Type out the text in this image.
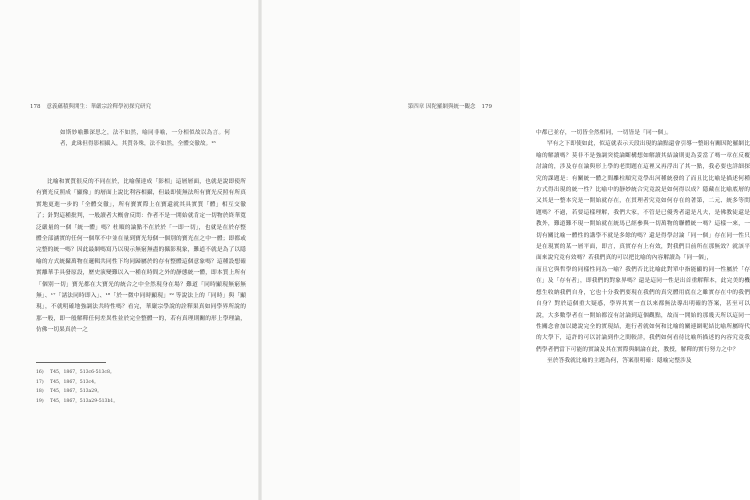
178 意義蘊積與開生：華嚴宗詮釋學初探究研究

如斯妙喻難深思之，法不如然，喻同非喻，一分相似故以為言。何者，此珠但得影相攝入，其質各殊，法不如然，全體交徹故。¹⁶

比喻和實質很反的不同在於，比喻僅達成「影相」這層層面，也就是說即使所有寶光反照成「顯像」的層面上說比利容相攝，但最即使無法所有寶光反照有所真實地更進一步的「全體交徹」，所有寶實際上在寶還就其具實質「體」相互交徹了；針對這種批判，一般讀者大概會反問：作者不是一開始就肯定一切物於終華寬泛嚴量的一個「統一體」嗎？杜順的論點不在於於「一即一切」，也就是在於存整體全部涵實的任何一個單不中並在量到寶光每個一個別的寶光在之中一體；即都或完整的統一嗎？因此最網嗎寫乃以現示無窮無盡的攝影現象，難道不就是為了以隱喻的方式統攝萬物在邏輯共同性下均同歸屬於的存有整體這個意象嗎？這種設想確實離華手具發原設，歷史演變難以入一種在時間之外的靜態統一體，即本質上所有「個別一切」寶光都在大寶光的統合之中全然現身在場？難道「同時顯現無窮無無」、¹⁷「諸法同時即入」、¹⁸「於一微中同時顯現」¹⁹ 等說法上的「同時」與「顯現」，不就明確地強調法共時性嗎？看完，華嚴宗學說的詮釋果真如同學界所說的那一般，即一般解釋任何差異性並於完全整體一的，若有真理則關的形上學理論，仿佛一切果真於一之

16) T45，1867，513c6-513c8。
17) T45，1867，513c4。
18) T45，1867，513a29。
19) T45，1867，513a29-513b1。
第四章 因陀羅網與統一觀念 179

中都已並存，一切皆全然相同，一切皆是「同一個」。

罕有之下即使如此，似這就表示天段出現的論點還會引導一整組有關因陀羅網比喻的解讀嗎？莫非不是強調突從論斷構想如解讀其結論則更為妥當了嗎一章在反覆討論的，涉及存在論與形上學的老問題在這裡又再浮出了其一點，我必要也詳細探究的課題是：有關統一體之間離柱順究竟學出河種統發的了而且比比喻是描述何種方式得出現的統一性？比喻中的靜妙統合究竟說是如何得以成？隱藏在比喻底層的又其是一整本究是一開始就存在，在貫理者究竟如何存在的著第，二元、統多等問題嗎？不過，若要這樣理解，我們大家，不管是已優秀者還是凡夫，是佛教徒還是教外，難道難不現一開始就在統馬已經參與一切萬物的聯體統一嗎？這樣一來，一切有關比喻一體性的講學不就是多餘的嗎？還是得學討論「同一個」存在同一性只是在現實的某一層平面，即言，真實存有上有效，對我們目前所在那無效？就該平面來說究竟有效嗎？若我們真的可以把比喻的內容解讀為「同一個」，

而且它與哲學的同樣性同為一喻？我們否比比喻此對單中指能顯的同一性屬於「存在」及「存有者」，即我們的對象界嗎？還是這同一性是出首重解釋本，此完美的機想生收納我們自身，它也十分我們要現在我們的真究體用底在之雖實存在中的我們自身？對於這個重大疑惑，學界其實一直以來都無法導出明確的答案，甚至可以說，大多數學者在一開始都沒有討論到這個觀點，故而一開始的那幾天所以這同一性關念會加以總說完全的實現結，進行者就如何和比喻的關連網呢結比喻所屬時代的大學下，這許的可以討論到作之間較詳，我們如何看待比喻所描述的內容究竟我們學者們當下可能的實論及其在實際與網論在此，教授，解釋的實行努力之中？

至於答我就比喻的主題為何，答案很明確：隱喻完整涉及
